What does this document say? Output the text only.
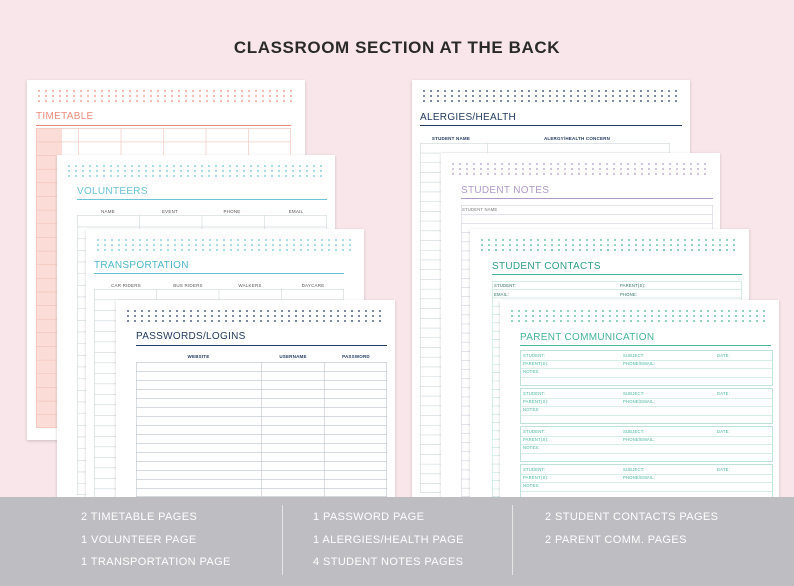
CLASSROOM SECTION AT THE BACK
TIMETABLE
VOLUNTEERS
NAME	EVENT	PHONE	EMAIL
TRANSPORTATION
CAR RIDERS	BUS RIDERS	WALKERS	DAYCARE
PASSWORDS/LOGINS
WEBSITE	USERNAME	PASSWORD
ALERGIES/HEALTH
STUDENT NAME	ALERGY/HEALTH CONCERN
STUDENT NOTES
STUDENT NAME
STUDENT CONTACTS
STUDENT:	PARENT(S):
EMAIL:	PHONE:
PARENT COMMUNICATION
STUDENT:	SUBJECT:	DATE:
PARENT(S):	PHONE/EMAIL:
NOTES:
STUDENT:	SUBJECT:	DATE:
PARENT(S):	PHONE/EMAIL:
NOTES:
STUDENT:	SUBJECT:	DATE:
PARENT(S):	PHONE/EMAIL:
NOTES:
STUDENT:	SUBJECT:	DATE:
PARENT(S):	PHONE/EMAIL:
NOTES:
2 TIMETABLE PAGES
1 VOLUNTEER PAGE
1 TRANSPORTATION PAGE
1 PASSWORD PAGE
1 ALERGIES/HEALTH PAGE
4 STUDENT NOTES PAGES
2 STUDENT CONTACTS PAGES
2 PARENT COMM. PAGES
